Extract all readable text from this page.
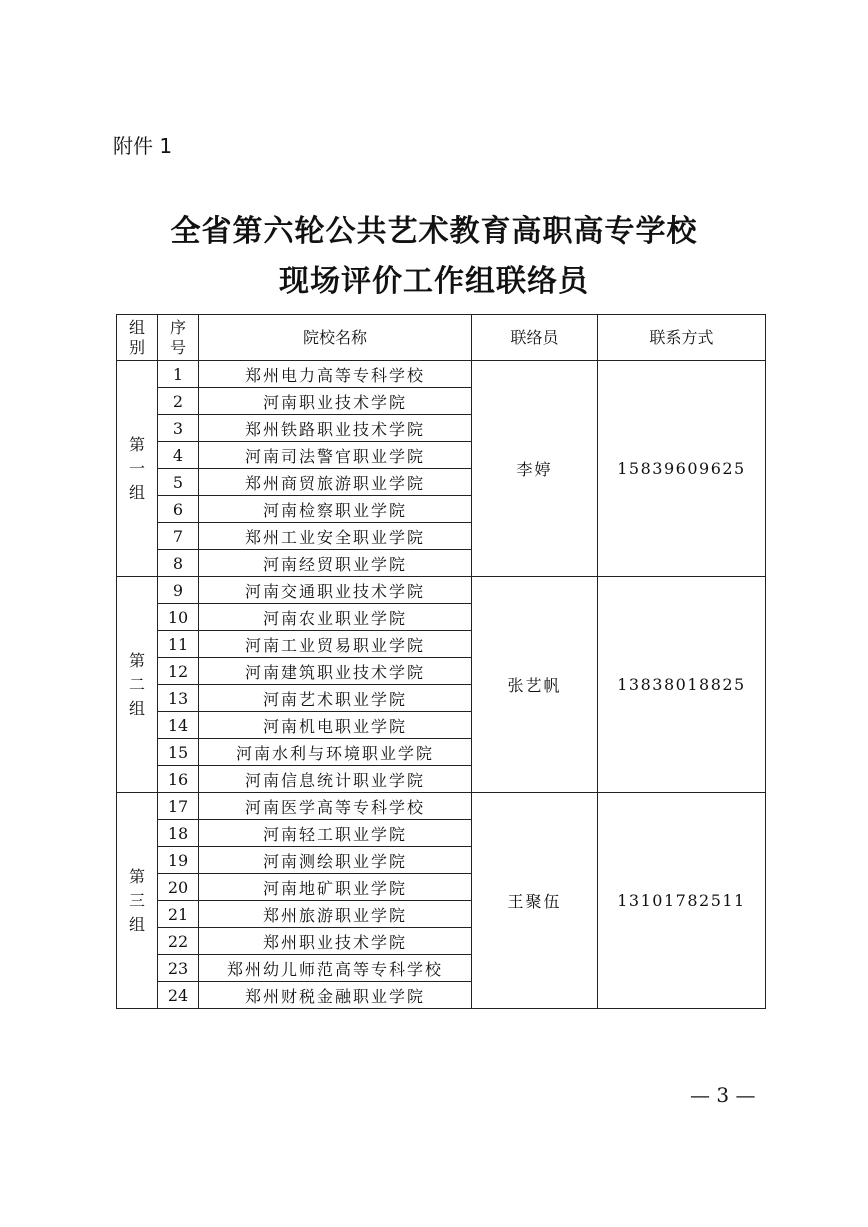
附件 1
全省第六轮公共艺术教育高职高专学校
现场评价工作组联络员
组别	序号	院校名称	联络员	联系方式
第一组	1	郑州电力高等专科学校	李婷	15839609625
	2	河南职业技术学院		
	3	郑州铁路职业技术学院		
	4	河南司法警官职业学院		
	5	郑州商贸旅游职业学院		
	6	河南检察职业学院		
	7	郑州工业安全职业学院		
	8	河南经贸职业学院		
第二组	9	河南交通职业技术学院	张艺帆	13838018825
	10	河南农业职业学院		
	11	河南工业贸易职业学院		
	12	河南建筑职业技术学院		
	13	河南艺术职业学院		
	14	河南机电职业学院		
	15	河南水利与环境职业学院		
	16	河南信息统计职业学院		
第三组	17	河南医学高等专科学校	王聚伍	13101782511
	18	河南轻工职业学院		
	19	河南测绘职业学院		
	20	河南地矿职业学院		
	21	郑州旅游职业学院		
	22	郑州职业技术学院		
	23	郑州幼儿师范高等专科学校		
	24	郑州财税金融职业学院		
— 3 —
